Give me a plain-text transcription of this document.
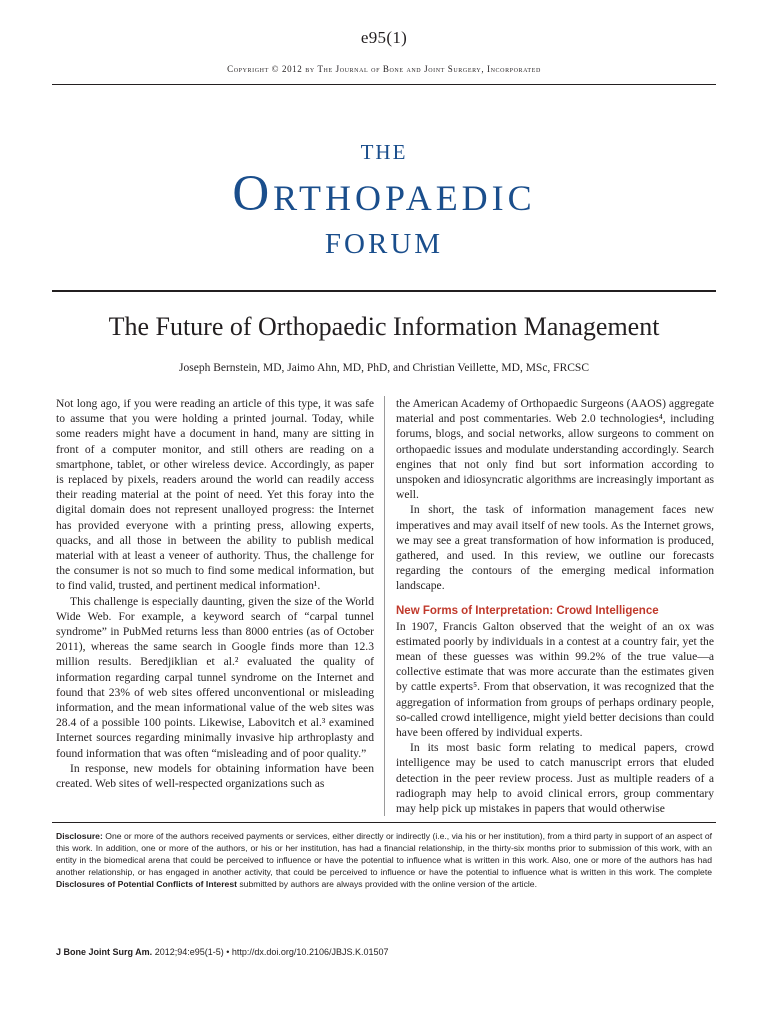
e95(1)
Copyright © 2012 by The Journal of Bone and Joint Surgery, Incorporated
THE
Orthopaedic
FORUM
The Future of Orthopaedic Information Management
Joseph Bernstein, MD, Jaimo Ahn, MD, PhD, and Christian Veillette, MD, MSc, FRCSC

Not long ago, if you were reading an article of this type, it was safe to assume that you were holding a printed journal. Today, while some readers might have a document in hand, many are sitting in front of a computer monitor, and still others are reading on a smartphone, tablet, or other wireless device. Accordingly, as paper is replaced by pixels, readers around the world can readily access their reading material at the point of need. Yet this foray into the digital domain does not represent unalloyed progress: the Internet has provided everyone with a printing press, allowing experts, quacks, and all those in between the ability to publish medical material with at least a veneer of authority. Thus, the challenge for the consumer is not so much to find some medical information, but to find valid, trusted, and pertinent medical information¹.

This challenge is especially daunting, given the size of the World Wide Web. For example, a keyword search of “carpal tunnel syndrome” in PubMed returns less than 8000 entries (as of October 2011), whereas the same search in Google finds more than 12.3 million results. Beredjiklian et al.² evaluated the quality of information regarding carpal tunnel syndrome on the Internet and found that 23% of web sites offered unconventional or misleading information, and the mean informational value of the web sites was 28.4 of a possible 100 points. Likewise, Labovitch et al.³ examined Internet sources regarding minimally invasive hip arthroplasty and found information that was often “misleading and of poor quality.”

In response, new models for obtaining information have been created. Web sites of well-respected organizations such as

the American Academy of Orthopaedic Surgeons (AAOS) aggregate material and post commentaries. Web 2.0 technologies⁴, including forums, blogs, and social networks, allow surgeons to comment on orthopaedic issues and modulate understanding accordingly. Search engines that not only find but sort information according to unspoken and idiosyncratic algorithms are increasingly important as well.

In short, the task of information management faces new imperatives and may avail itself of new tools. As the Internet grows, we may see a great transformation of how information is produced, gathered, and used. In this review, we outline our forecasts regarding the contours of the emerging medical information landscape.

New Forms of Interpretation: Crowd Intelligence

In 1907, Francis Galton observed that the weight of an ox was estimated poorly by individuals in a contest at a country fair, yet the mean of these guesses was within 99.2% of the true value—a collective estimate that was more accurate than the estimates given by cattle experts⁵. From that observation, it was recognized that the aggregation of information from groups of perhaps ordinary people, so-called crowd intelligence, might yield better decisions than could have been offered by individual experts.

In its most basic form relating to medical papers, crowd intelligence may be used to catch manuscript errors that eluded detection in the peer review process. Just as multiple readers of a radiograph may help to avoid clinical errors, group commentary may help pick up mistakes in papers that would otherwise

Disclosure: One or more of the authors received payments or services, either directly or indirectly (i.e., via his or her institution), from a third party in support of an aspect of this work. In addition, one or more of the authors, or his or her institution, has had a financial relationship, in the thirty-six months prior to submission of this work, with an entity in the biomedical arena that could be perceived to influence or have the potential to influence what is written in this work. Also, one or more of the authors has had another relationship, or has engaged in another activity, that could be perceived to influence or have the potential to influence what is written in this work. The complete Disclosures of Potential Conflicts of Interest submitted by authors are always provided with the online version of the article.
J Bone Joint Surg Am. 2012;94:e95(1-5) • http://dx.doi.org/10.2106/JBJS.K.01507
